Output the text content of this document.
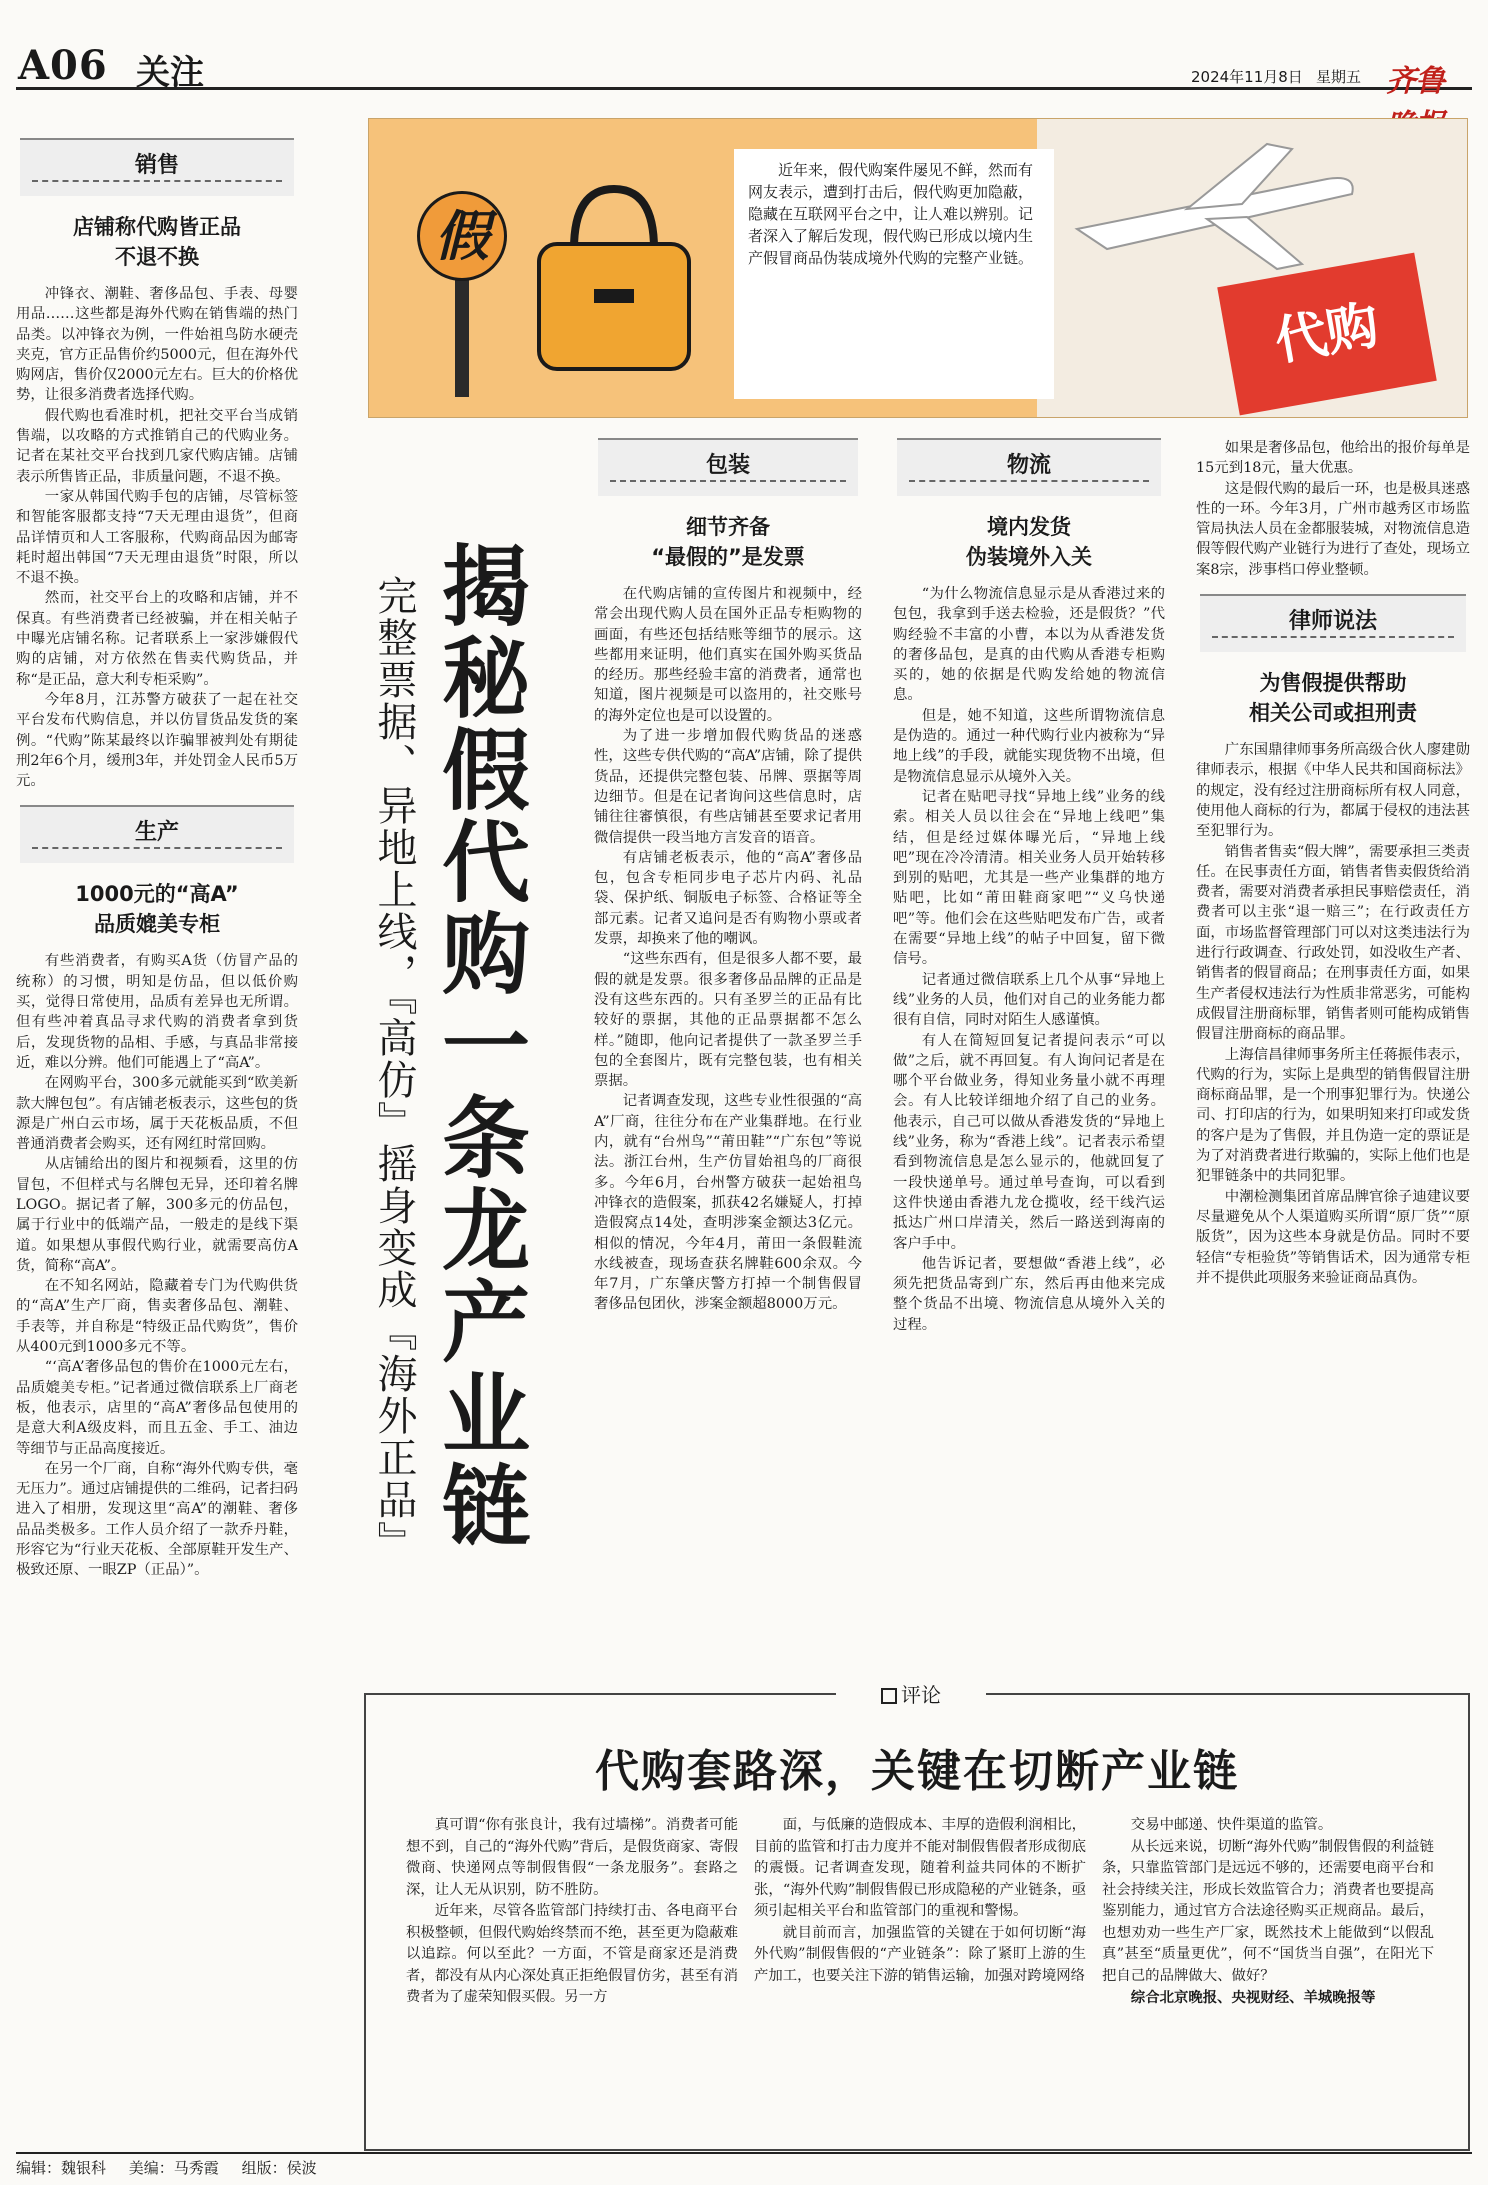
A06 关注	2024年11月8日 星期五 齐鲁
销售
店铺称代购皆正品
不退不换

冲锋衣、潮鞋、奢侈品包、手表、母婴用品……这些都是海外代购在销售端的热门品类。以冲锋衣为例，一件始祖鸟防水硬壳夹克，官方正品售价约5000元，但在海外代购网店，售价仅2000元左右。巨大的价格优势，让很多消费者选择代购。

假代购也看准时机，把社交平台当成销售端，以攻略的方式推销自己的代购业务。记者在某社交平台找到几家代购店铺。店铺表示所售皆正品，非质量问题，不退不换。

一家从韩国代购手包的店铺，尽管标签和智能客服都支持“7天无理由退货”，但商品详情页和人工客服称，代购商品因为邮寄耗时超出韩国“7天无理由退货”时限，所以不退不换。

然而，社交平台上的攻略和店铺，并不保真。有些消费者已经被骗，并在相关帖子中曝光店铺名称。记者联系上一家涉嫌假代购的店铺，对方依然在售卖代购货品，并称“是正品，意大利专柜采购”。

今年8月，江苏警方破获了一起在社交平台发布代购信息，并以仿冒货品发货的案例。“代购”陈某最终以诈骗罪被判处有期徒刑2年6个月，缓刑3年，并处罚金人民币5万元。

生产
1000元的“高A”
品质媲美专柜

有些消费者，有购买A货（仿冒产品的统称）的习惯，明知是仿品，但以低价购买，觉得日常使用，品质有差异也无所谓。但有些冲着真品寻求代购的消费者拿到货后，发现货物的品相、手感，与真品非常接近，难以分辨。他们可能遇上了“高A”。

在网购平台，300多元就能买到“欧美新款大牌包包”。有店铺老板表示，这些包的货源是广州白云市场，属于天花板品质，不但普通消费者会购买，还有网红时常回购。

从店铺给出的图片和视频看，这里的仿冒包，不但样式与名牌包无异，还印着名牌LOGO。据记者了解，300多元的仿品包，属于行业中的低端产品，一般走的是线下渠道。如果想从事假代购行业，就需要高仿A货，简称“高A”。

在不知名网站，隐藏着专门为代购供货的“高A”生产厂商，售卖奢侈品包、潮鞋、手表等，并自称是“特级正品代购货”，售价从400元到1000多元不等。

“‘高A’奢侈品包的售价在1000元左右，品质媲美专柜。”记者通过微信联系上厂商老板，他表示，店里的“高A”奢侈品包使用的是意大利A级皮料，而且五金、手工、油边等细节与正品高度接近。

在另一个厂商，自称“海外代购专供，毫无压力”。通过店铺提供的二维码，记者扫码进入了相册，发现这里“高A”的潮鞋、奢侈品品类极多。工作人员介绍了一款乔丹鞋，形容它为“行业天花板、全部原鞋开发生产、极致还原、一眼ZP（正品）”。

代购
假

近年来，假代购案件屡见不鲜，然而有网友表示，遭到打击后，假代购更加隐蔽，隐藏在互联网平台之中，让人难以辨别。记者深入了解后发现，假代购已形成以境内生产假冒商品伪装成境外代购的完整产业链。

揭秘假代购一条龙产业链
完整票据、异地上线，『高仿』摇身变成『海外正品』
包装
细节齐备
“最假的”是发票

在代购店铺的宣传图片和视频中，经常会出现代购人员在国外正品专柜购物的画面，有些还包括结账等细节的展示。这些都用来证明，他们真实在国外购买货品的经历。那些经验丰富的消费者，通常也知道，图片视频是可以盗用的，社交账号的海外定位也是可以设置的。

为了进一步增加假代购货品的迷惑性，这些专供代购的“高A”店铺，除了提供货品，还提供完整包装、吊牌、票据等周边细节。但是在记者询问这些信息时，店铺往往審慎很，有些店铺甚至要求记者用微信提供一段当地方言发音的语音。

有店铺老板表示，他的“高A”奢侈品包，包含专柜同步电子芯片内码、礼品袋、保护纸、铜版电子标签、合格证等全部元素。记者又追问是否有购物小票或者发票，却换来了他的嘲讽。

“这些东西有，但是很多人都不要，最假的就是发票。很多奢侈品品牌的正品是没有这些东西的。只有圣罗兰的正品有比较好的票据，其他的正品票据都不怎么样。”随即，他向记者提供了一款圣罗兰手包的全套图片，既有完整包装，也有相关票据。

记者调查发现，这些专业性很强的“高A”厂商，往往分布在产业集群地。在行业内，就有“台州鸟”“莆田鞋”“广东包”等说法。浙江台州，生产仿冒始祖鸟的厂商很多。今年6月，台州警方破获一起始祖鸟冲锋衣的造假案，抓获42名嫌疑人，打掉造假窝点14处，查明涉案金额达3亿元。相似的情况，今年4月，莆田一条假鞋流水线被查，现场查获名牌鞋600余双。今年7月，广东肇庆警方打掉一个制售假冒奢侈品包团伙，涉案金额超8000万元。

物流
境内发货
伪装境外入关

“为什么物流信息显示是从香港过来的包包，我拿到手送去检验，还是假货？”代购经验不丰富的小曹，本以为从香港发货的奢侈品包，是真的由代购从香港专柜购买的，她的依据是代购发给她的物流信息。

但是，她不知道，这些所谓物流信息是伪造的。通过一种代购行业内被称为“异地上线”的手段，就能实现货物不出境，但是物流信息显示从境外入关。

记者在贴吧寻找“异地上线”业务的线索。相关人员以往会在“异地上线吧”集结，但是经过媒体曝光后，“异地上线吧”现在冷冷清清。相关业务人员开始转移到别的贴吧，尤其是一些产业集群的地方贴吧，比如“莆田鞋商家吧”“义乌快递吧”等。他们会在这些贴吧发布广告，或者在需要“异地上线”的帖子中回复，留下微信号。

记者通过微信联系上几个从事“异地上线”业务的人员，他们对自己的业务能力都很有自信，同时对陌生人感谨慎。

有人在简短回复记者提问表示“可以做”之后，就不再回复。有人询问记者是在哪个平台做业务，得知业务量小就不再理会。有人比较详细地介绍了自己的业务。他表示，自己可以做从香港发货的“异地上线”业务，称为“香港上线”。记者表示希望看到物流信息是怎么显示的，他就回复了一段快递单号。通过单号查询，可以看到这件快递由香港九龙仓揽收，经干线汽运抵达广州口岸清关，然后一路送到海南的客户手中。

他告诉记者，要想做“香港上线”，必须先把货品寄到广东，然后再由他来完成整个货品不出境、物流信息从境外入关的过程。

如果是奢侈品包，他给出的报价每单是15元到18元，量大优惠。

这是假代购的最后一环，也是极具迷惑性的一环。今年3月，广州市越秀区市场监管局执法人员在金都服装城，对物流信息造假等假代购产业链行为进行了查处，现场立案8宗，涉事档口停业整顿。

律师说法
为售假提供帮助
相关公司或担刑责

广东国鼎律师事务所高级合伙人廖建勋律师表示，根据《中华人民共和国商标法》的规定，没有经过注册商标所有权人同意，使用他人商标的行为，都属于侵权的违法甚至犯罪行为。

销售者售卖“假大牌”，需要承担三类责任。在民事责任方面，销售者售卖假货给消费者，需要对消费者承担民事赔偿责任，消费者可以主张“退一赔三”；在行政责任方面，市场监督管理部门可以对这类违法行为进行行政调查、行政处罚，如没收生产者、销售者的假冒商品；在刑事责任方面，如果生产者侵权违法行为性质非常恶劣，可能构成假冒注册商标罪，销售者则可能构成销售假冒注册商标的商品罪。

上海信昌律师事务所主任蒋振伟表示，代购的行为，实际上是典型的销售假冒注册商标商品罪，是一个刑事犯罪行为。快递公司、打印店的行为，如果明知来打印或发货的客户是为了售假，并且伪造一定的票证是为了对消费者进行欺骗的，实际上他们也是犯罪链条中的共同犯罪。

中潮检测集团首席品牌官徐子迪建议要尽量避免从个人渠道购买所谓“原厂货”“原版货”，因为这些本身就是仿品。同时不要轻信“专柜验货”等销售话术，因为通常专柜并不提供此项服务来验证商品真伪。

评论
代购套路深，关键在切断产业链

真可谓“你有张良计，我有过墙梯”。消费者可能想不到，自己的“海外代购”背后，是假货商家、寄假微商、快递网点等制假售假“一条龙服务”。套路之深，让人无从识别，防不胜防。

近年来，尽管各监管部门持续打击、各电商平台积极整顿，但假代购始终禁而不绝，甚至更为隐蔽难以追踪。何以至此？一方面，不管是商家还是消费者，都没有从内心深处真正拒绝假冒仿劣，甚至有消费者为了虚荣知假买假。另一方

面，与低廉的造假成本、丰厚的造假利润相比，目前的监管和打击力度并不能对制假售假者形成彻底的震慑。记者调查发现，随着利益共同体的不断扩张，“海外代购”制假售假已形成隐秘的产业链条，亟须引起相关平台和监管部门的重视和警惕。

就目前而言，加强监管的关键在于如何切断“海外代购”制假售假的“产业链条”：除了紧盯上游的生产加工，也要关注下游的销售运输，加强对跨境网络

交易中邮递、快件渠道的监管。

从长远来说，切断“海外代购”制假售假的利益链条，只靠监管部门是远远不够的，还需要电商平台和社会持续关注，形成长效监管合力；消费者也要提高鉴别能力，通过官方合法途径购买正规商品。最后，也想劝劝一些生产厂家，既然技术上能做到“以假乱真”甚至“质量更优”，何不“国货当自强”，在阳光下把自己的品牌做大、做好？

综合北京晚报、央视财经、羊城晚报等

编辑：魏银科 美编：马秀霞 组版：侯波
